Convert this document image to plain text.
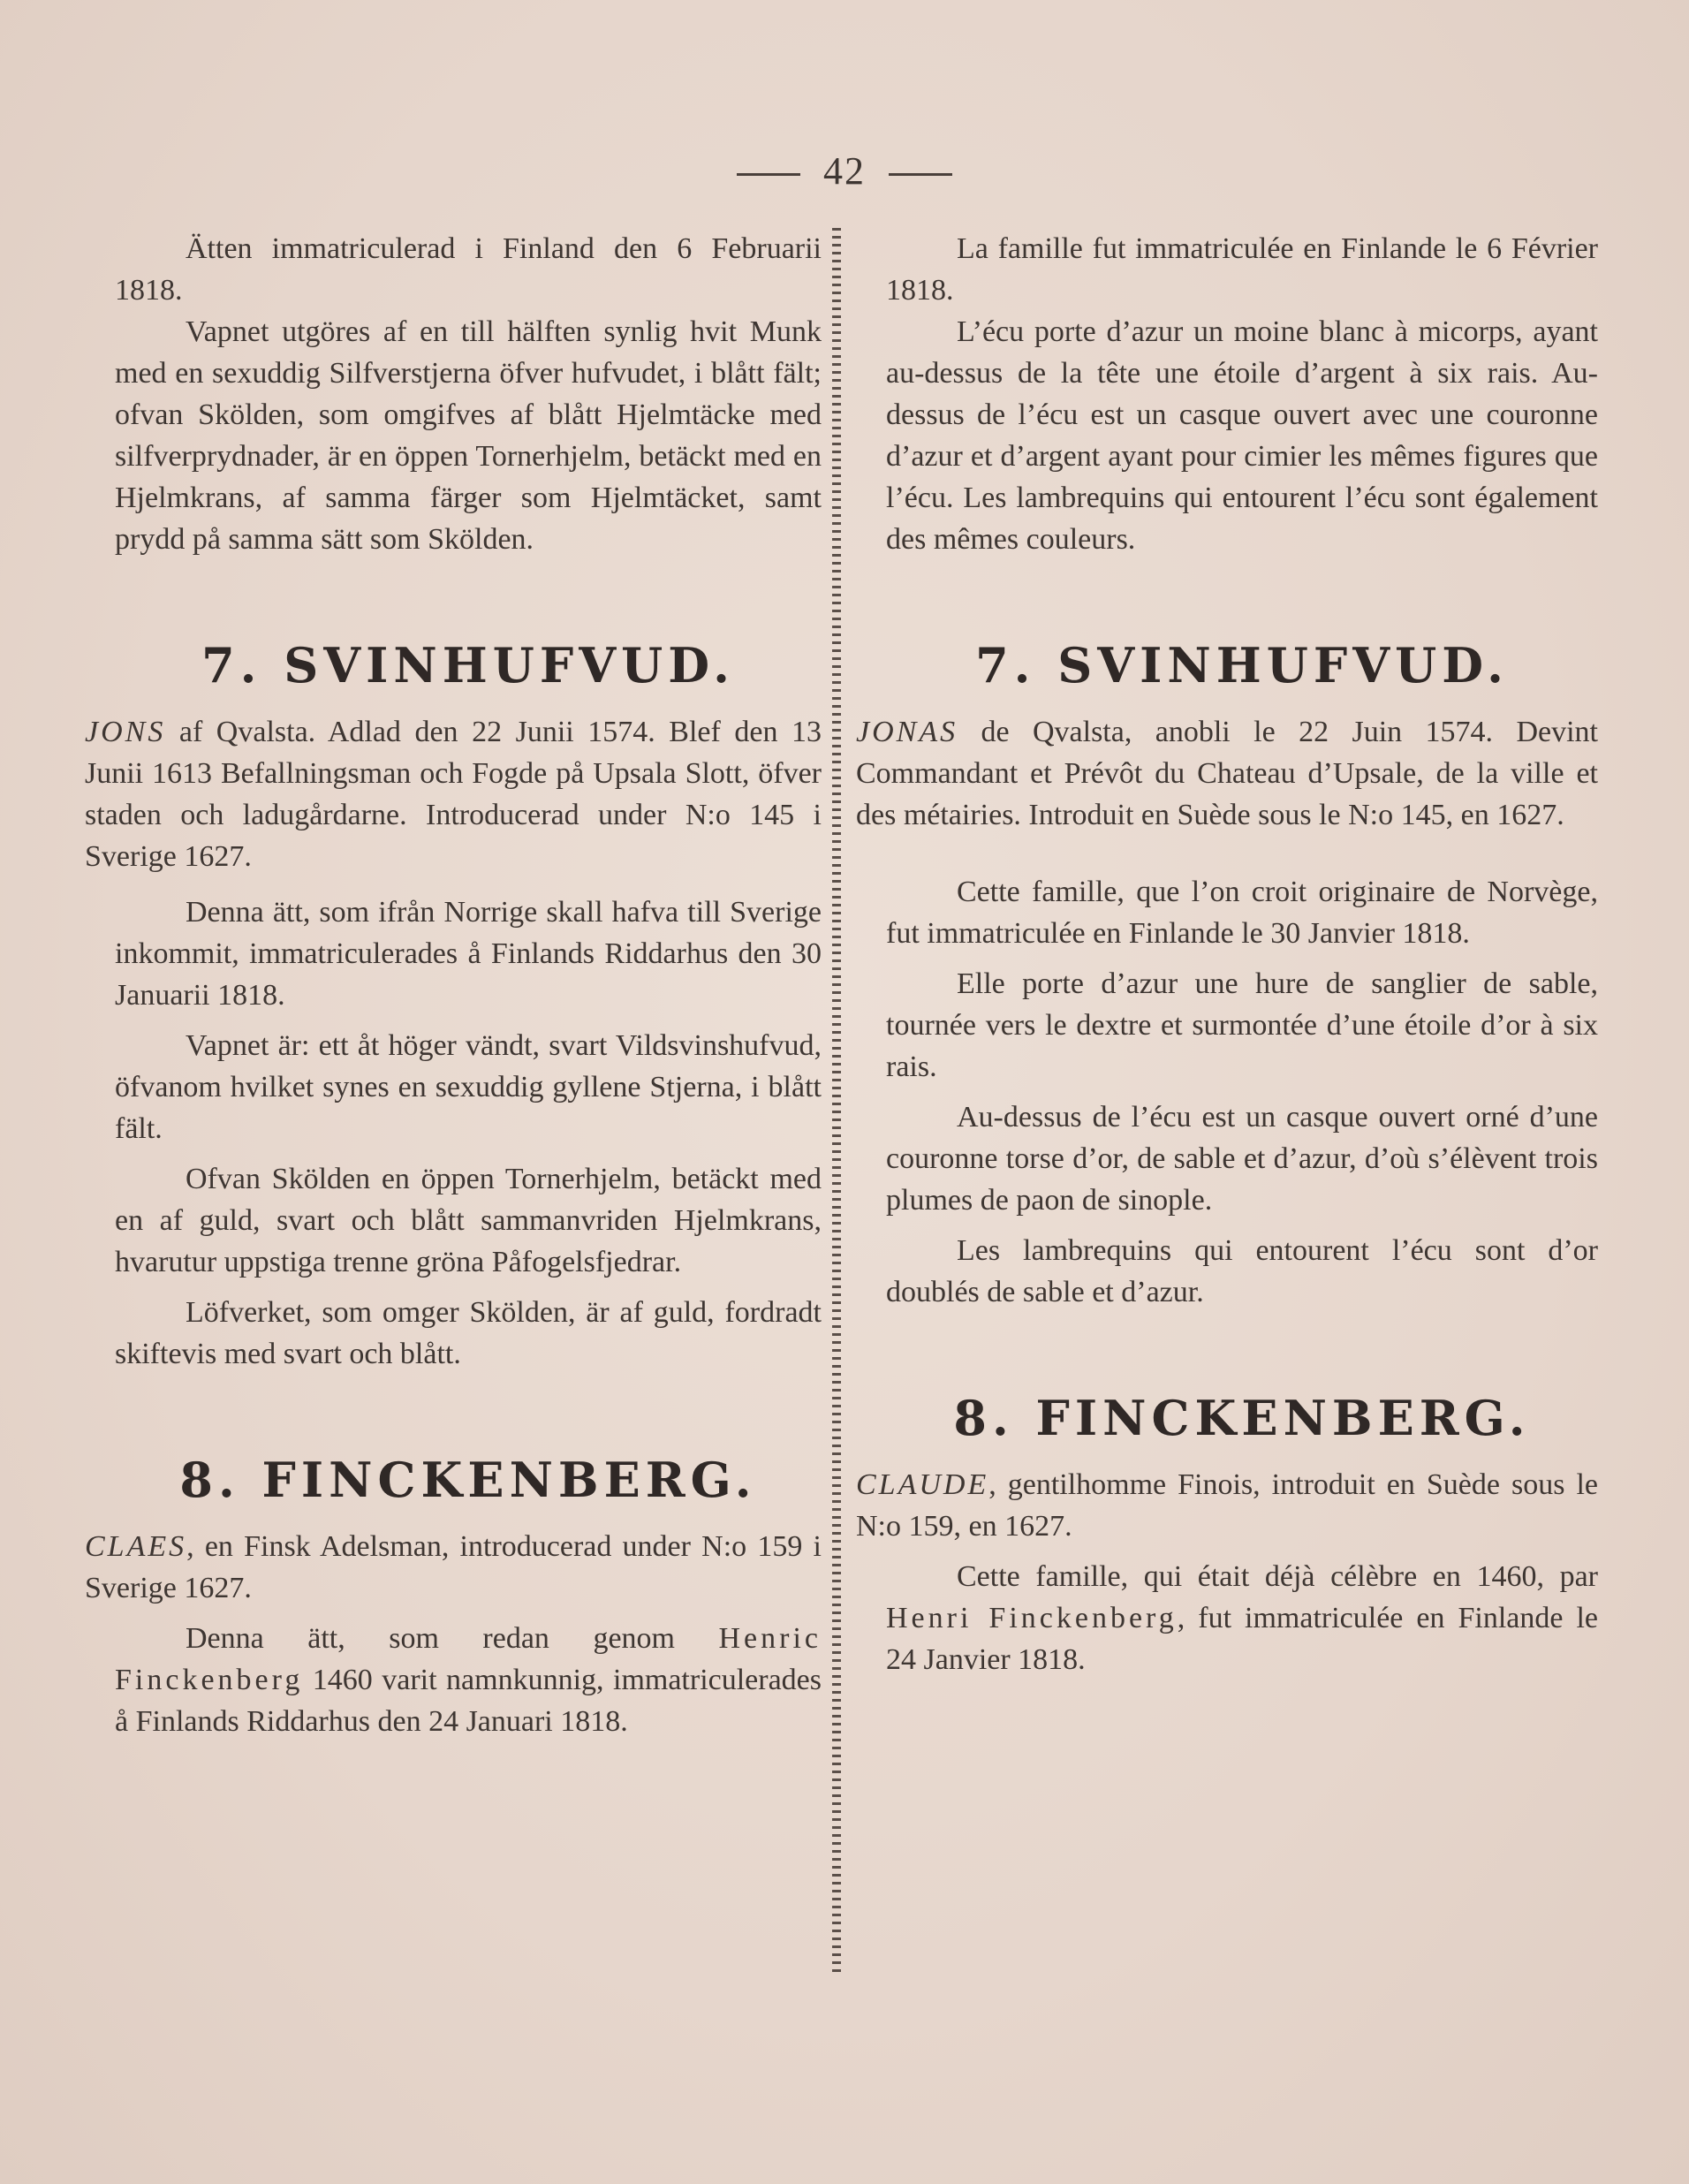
42

Ätten immatriculerad i Finland den 6 Februarii 1818.

Vapnet utgöres af en till hälften synlig hvit Munk med en sexuddig Silfverstjerna öfver hufvudet, i blått fält; ofvan Skölden, som omgifves af blått Hjelmtäcke med silfverprydnader, är en öppen Tornerhjelm, betäckt med en Hjelmkrans, af samma färger som Hjelmtäcket, samt prydd på samma sätt som Skölden.

7. SVINHUFVUD.

JONS af Qvalsta. Adlad den 22 Junii 1574. Blef den 13 Junii 1613 Befallningsman och Fogde på Upsala Slott, öfver staden och ladugårdarne. Introducerad under N:o 145 i Sverige 1627.

Denna ätt, som ifrån Norrige skall hafva till Sverige inkommit, immatriculerades å Finlands Riddarhus den 30 Januarii 1818.

Vapnet är: ett åt höger vändt, svart Vildsvinshufvud, öfvanom hvilket synes en sexuddig gyllene Stjerna, i blått fält.

Ofvan Skölden en öppen Tornerhjelm, betäckt med en af guld, svart och blått sammanvriden Hjelmkrans, hvarutur uppstiga trenne gröna Påfogelsfjedrar.

Löfverket, som omger Skölden, är af guld, fordradt skiftevis med svart och blått.

8. FINCKENBERG.

CLAES, en Finsk Adelsman, introducerad under N:o 159 i Sverige 1627.

Denna ätt, som redan genom Henric Finckenberg 1460 varit namnkunnig, immatriculerades å Finlands Riddarhus den 24 Januari 1818.

La famille fut immatriculée en Finlande le 6 Février 1818.

L’écu porte d’azur un moine blanc à micorps, ayant au-dessus de la tête une étoile d’argent à six rais. Au-dessus de l’écu est un casque ouvert avec une couronne d’azur et d’argent ayant pour cimier les mêmes figures que l’écu. Les lambrequins qui entourent l’écu sont également des mêmes couleurs.

7. SVINHUFVUD.

JONAS de Qvalsta, anobli le 22 Juin 1574. Devint Commandant et Prévôt du Chateau d’Upsale, de la ville et des métairies. Introduit en Suède sous le N:o 145, en 1627.

Cette famille, que l’on croit originaire de Norvège, fut immatriculée en Finlande le 30 Janvier 1818.

Elle porte d’azur une hure de sanglier de sable, tournée vers le dextre et surmontée d’une étoile d’or à six rais.

Au-dessus de l’écu est un casque ouvert orné d’une couronne torse d’or, de sable et d’azur, d’où s’élèvent trois plumes de paon de sinople.

Les lambrequins qui entourent l’écu sont d’or doublés de sable et d’azur.

8. FINCKENBERG.

CLAUDE, gentilhomme Finois, introduit en Suède sous le N:o 159, en 1627.

Cette famille, qui était déjà célèbre en 1460, par Henri Finckenberg, fut immatriculée en Finlande le 24 Janvier 1818.
